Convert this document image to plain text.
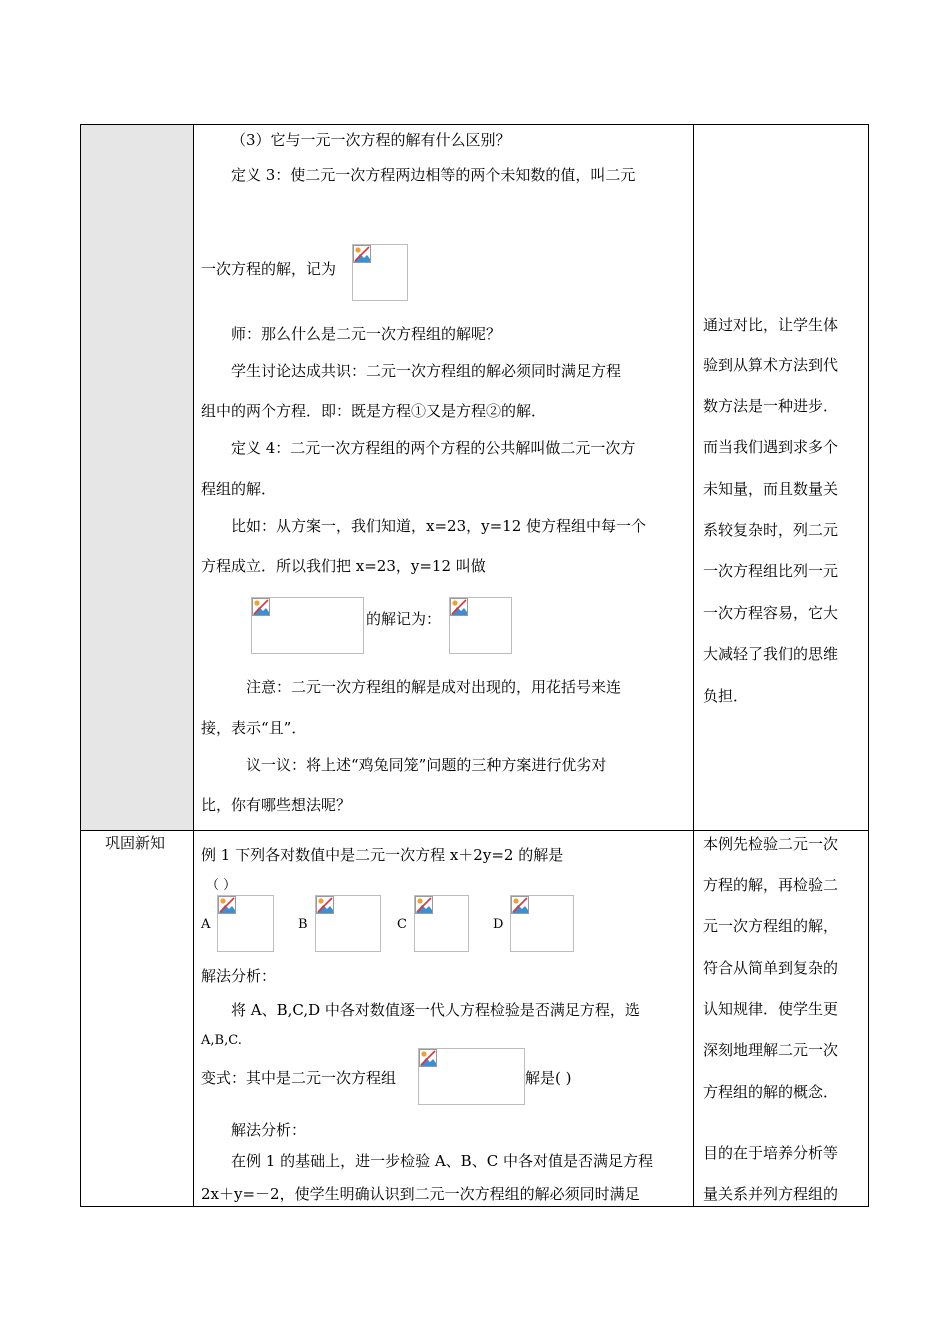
（3）它与一元一次方程的解有什么区别？
定义 3：使二元一次方程两边相等的两个未知数的值，叫二元
一次方程的解，记为
师：那么什么是二元一次方程组的解呢？
学生讨论达成共识：二元一次方程组的解必须同时满足方程
组中的两个方程．即：既是方程①又是方程②的解．
定义 4：二元一次方程组的两个方程的公共解叫做二元一次方
程组的解．
比如：从方案一，我们知道，x=23，y=12 使方程组中每一个
方程成立．所以我们把 x=23，y=12 叫做
的解记为：
注意：二元一次方程组的解是成对出现的，用花括号来连
接，表示“且”．
议一议：将上述“鸡兔同笼”问题的三种方案进行优劣对
比，你有哪些想法呢？
通过对比，让学生体
验到从算术方法到代
数方法是一种进步．
而当我们遇到求多个
未知量，而且数量关
系较复杂时，列二元
一次方程组比列一元
一次方程容易，它大
大减轻了我们的思维
负担．
巩固新知
例 1 下列各对数值中是二元一次方程 x＋2y=2 的解是
（ ）
A	B	C	D
解法分析：
将 A、B,C,D 中各对数值逐一代人方程检验是否满足方程，选
A,B,C.
变式：其中是二元一次方程组	解是( )
解法分析：
在例 1 的基础上，进一步检验 A、B、C 中各对值是否满足方程
2x＋y=－2，使学生明确认识到二元一次方程组的解必须同时满足
本例先检验二元一次
方程的解，再检验二
元一次方程组的解，
符合从简单到复杂的
认知规律．使学生更
深刻地理解二元一次
方程组的解的概念．
目的在于培养分析等
量关系并列方程组的
